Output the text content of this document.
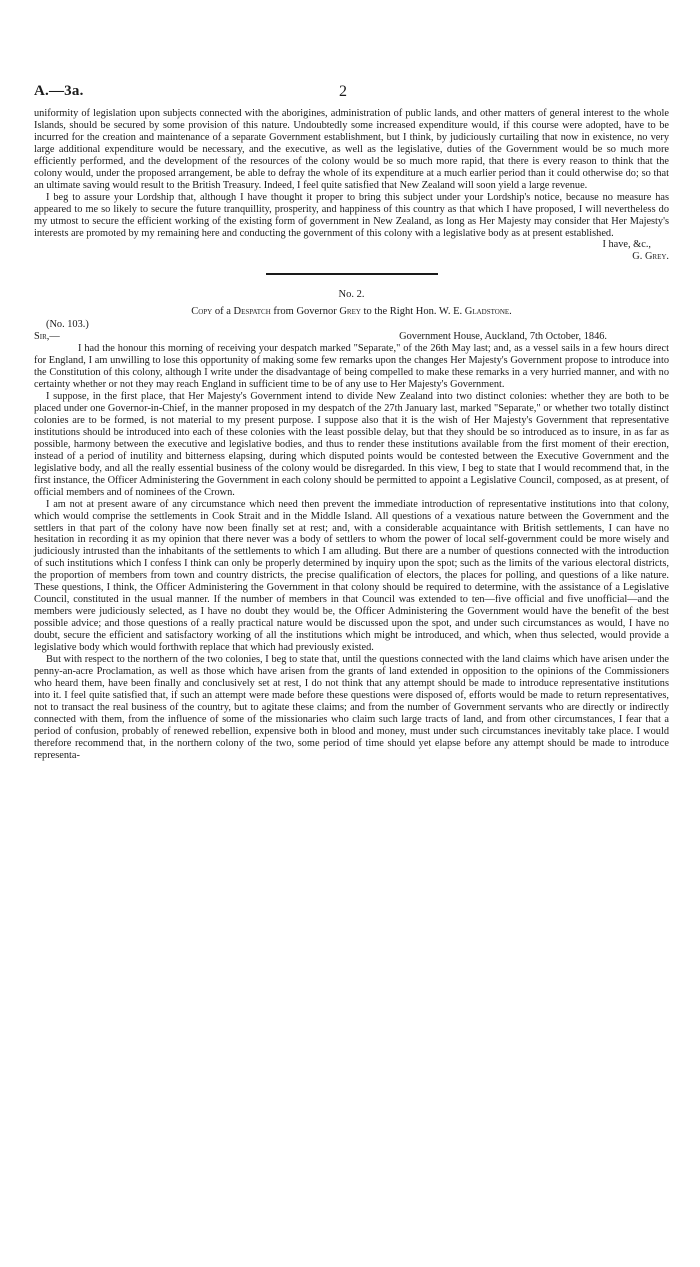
A.—3a.	2

uniformity of legislation upon subjects connected with the aborigines, administration of public lands, and other matters of general interest to the whole Islands, should be secured by some provision of this nature. Undoubtedly some increased expenditure would, if this course were adopted, have to be incurred for the creation and maintenance of a separate Government establishment, but I think, by judiciously curtailing that now in existence, no very large additional expenditure would be necessary, and the executive, as well as the legislative, duties of the Government would be so much more efficiently performed, and the development of the resources of the colony would be so much more rapid, that there is every reason to think that the colony would, under the proposed arrangement, be able to defray the whole of its expenditure at a much earlier period than it could otherwise do; so that an ultimate saving would result to the British Treasury. Indeed, I feel quite satisfied that New Zealand will soon yield a large revenue.

I beg to assure your Lordship that, although I have thought it proper to bring this subject under your Lordship's notice, because no measure has appeared to me so likely to secure the future tranquillity, prosperity, and happiness of this country as that which I have proposed, I will nevertheless do my utmost to secure the efficient working of the existing form of government in New Zealand, as long as Her Majesty may consider that Her Majesty's interests are promoted by my remaining here and conducting the government of this colony with a legislative body as at present established.

I have, &c.,

G. Grey.

No. 2.

Copy of a Despatch from Governor Grey to the Right Hon. W. E. Gladstone.

(No. 103.)

Sir,—	Government House, Auckland, 7th October, 1846.

I had the honour this morning of receiving your despatch marked "Separate," of the 26th May last; and, as a vessel sails in a few hours direct for England, I am unwilling to lose this opportunity of making some few remarks upon the changes Her Majesty's Government propose to introduce into the Constitution of this colony, although I write under the disadvantage of being compelled to make these remarks in a very hurried manner, and with no certainty whether or not they may reach England in sufficient time to be of any use to Her Majesty's Government.

I suppose, in the first place, that Her Majesty's Government intend to divide New Zealand into two distinct colonies: whether they are both to be placed under one Governor-in-Chief, in the manner proposed in my despatch of the 27th January last, marked "Separate," or whether two totally distinct colonies are to be formed, is not material to my present purpose. I suppose also that it is the wish of Her Majesty's Government that representative institutions should be introduced into each of these colonies with the least possible delay, but that they should be so introduced as to insure, in as far as possible, harmony between the executive and legislative bodies, and thus to render these institutions available from the first moment of their erection, instead of a period of inutility and bitterness elapsing, during which disputed points would be contested between the Executive Government and the legislative body, and all the really essential business of the colony would be disregarded. In this view, I beg to state that I would recommend that, in the first instance, the Officer Administering the Government in each colony should be permitted to appoint a Legislative Council, composed, as at present, of official members and of nominees of the Crown.

I am not at present aware of any circumstance which need then prevent the immediate introduction of representative institutions into that colony, which would comprise the settlements in Cook Strait and in the Middle Island. All questions of a vexatious nature between the Government and the settlers in that part of the colony have now been finally set at rest; and, with a considerable acquaintance with British settlements, I can have no hesitation in recording it as my opinion that there never was a body of settlers to whom the power of local self-government could be more wisely and judiciously intrusted than the inhabitants of the settlements to which I am alluding. But there are a number of questions connected with the introduction of such institutions which I confess I think can only be properly determined by inquiry upon the spot; such as the limits of the various electoral districts, the proportion of members from town and country districts, the precise qualification of electors, the places for polling, and questions of a like nature. These questions, I think, the Officer Administering the Government in that colony should be required to determine, with the assistance of a Legislative Council, constituted in the usual manner. If the number of members in that Council was extended to ten—five official and five unofficial—and the members were judiciously selected, as I have no doubt they would be, the Officer Administering the Government would have the benefit of the best possible advice; and those questions of a really practical nature would be discussed upon the spot, and under such circumstances as would, I have no doubt, secure the efficient and satisfactory working of all the institutions which might be introduced, and which, when thus selected, would provide a legislative body which would forthwith replace that which had previously existed.

But with respect to the northern of the two colonies, I beg to state that, until the questions connected with the land claims which have arisen under the penny-an-acre Proclamation, as well as those which have arisen from the grants of land extended in opposition to the opinions of the Commissioners who heard them, have been finally and conclusively set at rest, I do not think that any attempt should be made to introduce representative institutions into it. I feel quite satisfied that, if such an attempt were made before these questions were disposed of, efforts would be made to return representatives, not to transact the real business of the country, but to agitate these claims; and from the number of Government servants who are directly or indirectly connected with them, from the influence of some of the missionaries who claim such large tracts of land, and from other circumstances, I fear that a period of confusion, probably of renewed rebellion, expensive both in blood and money, must under such circumstances inevitably take place. I would therefore recommend that, in the northern colony of the two, some period of time should yet elapse before any attempt should be made to introduce representa-
